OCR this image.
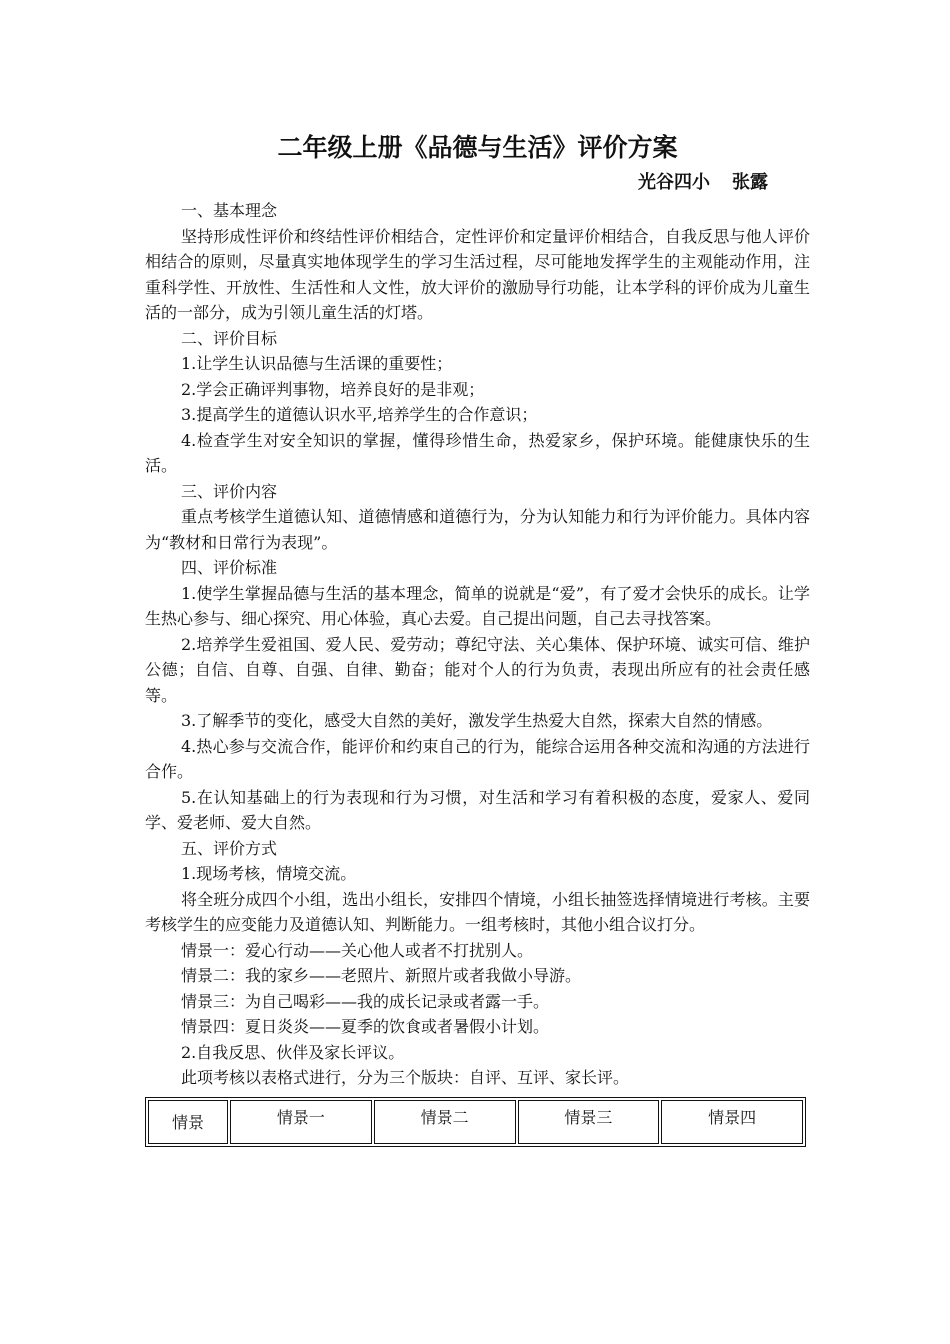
二年级上册《品德与生活》评价方案
光谷四小 张露

一、基本理念

坚持形成性评价和终结性评价相结合，定性评价和定量评价相结合，自我反思与他人评价相结合的原则，尽量真实地体现学生的学习生活过程，尽可能地发挥学生的主观能动作用，注重科学性、开放性、生活性和人文性，放大评价的激励导行功能，让本学科的评价成为儿童生活的一部分，成为引领儿童生活的灯塔。

二、评价目标

1.让学生认识品德与生活课的重要性；

2.学会正确评判事物，培养良好的是非观；

3.提高学生的道德认识水平,培养学生的合作意识；

4.检查学生对安全知识的掌握，懂得珍惜生命，热爱家乡，保护环境。能健康快乐的生活。

三、评价内容

重点考核学生道德认知、道德情感和道德行为，分为认知能力和行为评价能力。具体内容为“教材和日常行为表现”。

四、评价标准

1.使学生掌握品德与生活的基本理念，简单的说就是“爱”，有了爱才会快乐的成长。让学生热心参与、细心探究、用心体验，真心去爱。自己提出问题，自己去寻找答案。

2.培养学生爱祖国、爱人民、爱劳动；尊纪守法、关心集体、保护环境、诚实可信、维护公德；自信、自尊、自强、自律、勤奋；能对个人的行为负责，表现出所应有的社会责任感等。

3.了解季节的变化，感受大自然的美好，激发学生热爱大自然，探索大自然的情感。

4.热心参与交流合作，能评价和约束自己的行为，能综合运用各种交流和沟通的方法进行合作。

5.在认知基础上的行为表现和行为习惯，对生活和学习有着积极的态度，爱家人、爱同学、爱老师、爱大自然。

五、评价方式

1.现场考核，情境交流。

将全班分成四个小组，选出小组长，安排四个情境，小组长抽签选择情境进行考核。主要考核学生的应变能力及道德认知、判断能力。一组考核时，其他小组合议打分。

情景一：爱心行动——关心他人或者不打扰别人。

情景二：我的家乡——老照片、新照片或者我做小导游。

情景三：为自己喝彩——我的成长记录或者露一手。

情景四：夏日炎炎——夏季的饮食或者暑假小计划。

2.自我反思、伙伴及家长评议。

此项考核以表格式进行，分为三个版块：自评、互评、家长评。

情景	情景一	情景二	情景三	情景四
